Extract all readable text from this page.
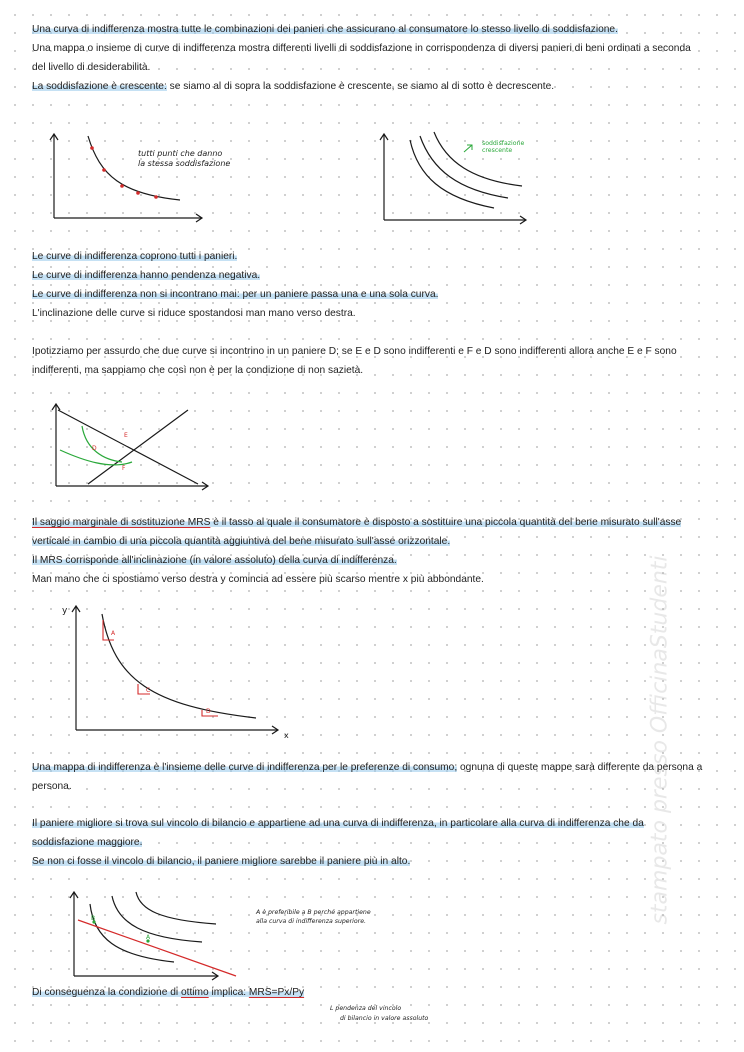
Una curva di indifferenza mostra tutte le combinazioni dei panieri che assicurano al consumatore lo stesso livello di soddisfazione.
Una mappa o insieme di curve di indifferenza mostra differenti livelli di soddisfazione in corrispondenza di diversi panieri di beni ordinati a seconda del livello di desiderabilità.
La soddisfazione è crescente: se siamo al di sopra la soddisfazione è crescente, se siamo al di sotto è decrescente.
tutti punti che danno
la stessa soddisfazione
soddisfazione
crescente
Le curve di indifferenza coprono tutti i panieri.
Le curve di indifferenza hanno pendenza negativa.
Le curve di indifferenza non si incontrano mai: per un paniere passa una e una sola curva.
L'inclinazione delle curve si riduce spostandosi man mano verso destra.
Ipotizziamo per assurdo che due curve si incontrino in un paniere D; se E e D sono indifferenti e F e D sono indifferenti allora anche E e F sono indifferenti, ma sappiamo che così non è per la condizione di non sazietà.
D
E
F
Il saggio marginale di sostituzione MRS è il tasso al quale il consumatore è disposto a sostituire una piccola quantità del bene misurato sull'asse verticale in cambio di una piccola quantità aggiuntiva del bene misurato sull'asse orizzontale.
Il MRS corrisponde all'inclinazione (in valore assoluto) della curva di indifferenza.
Man mano che ci spostiamo verso destra y comincia ad essere più scarso mentre x più abbondante.
y
x
A
C
D
Una mappa di indifferenza è l'insieme delle curve di indifferenza per le preferenze di consumo; ognuna di queste mappe sarà differente da persona a persona.
Il paniere migliore si trova sul vincolo di bilancio e appartiene ad una curva di indifferenza, in particolare alla curva di indifferenza che da soddisfazione maggiore.
Se non ci fosse il vincolo di bilancio, il paniere migliore sarebbe il paniere più in alto.
B
A
A è preferibile a B perché appartiene
alla curva di indifferenza superiore.
Di conseguenza la condizione di ottimo implica: MRS=Px/Py
L pendenza del vincolo
di bilancio in valore assoluto
stampato presso OfficinaStudenti
